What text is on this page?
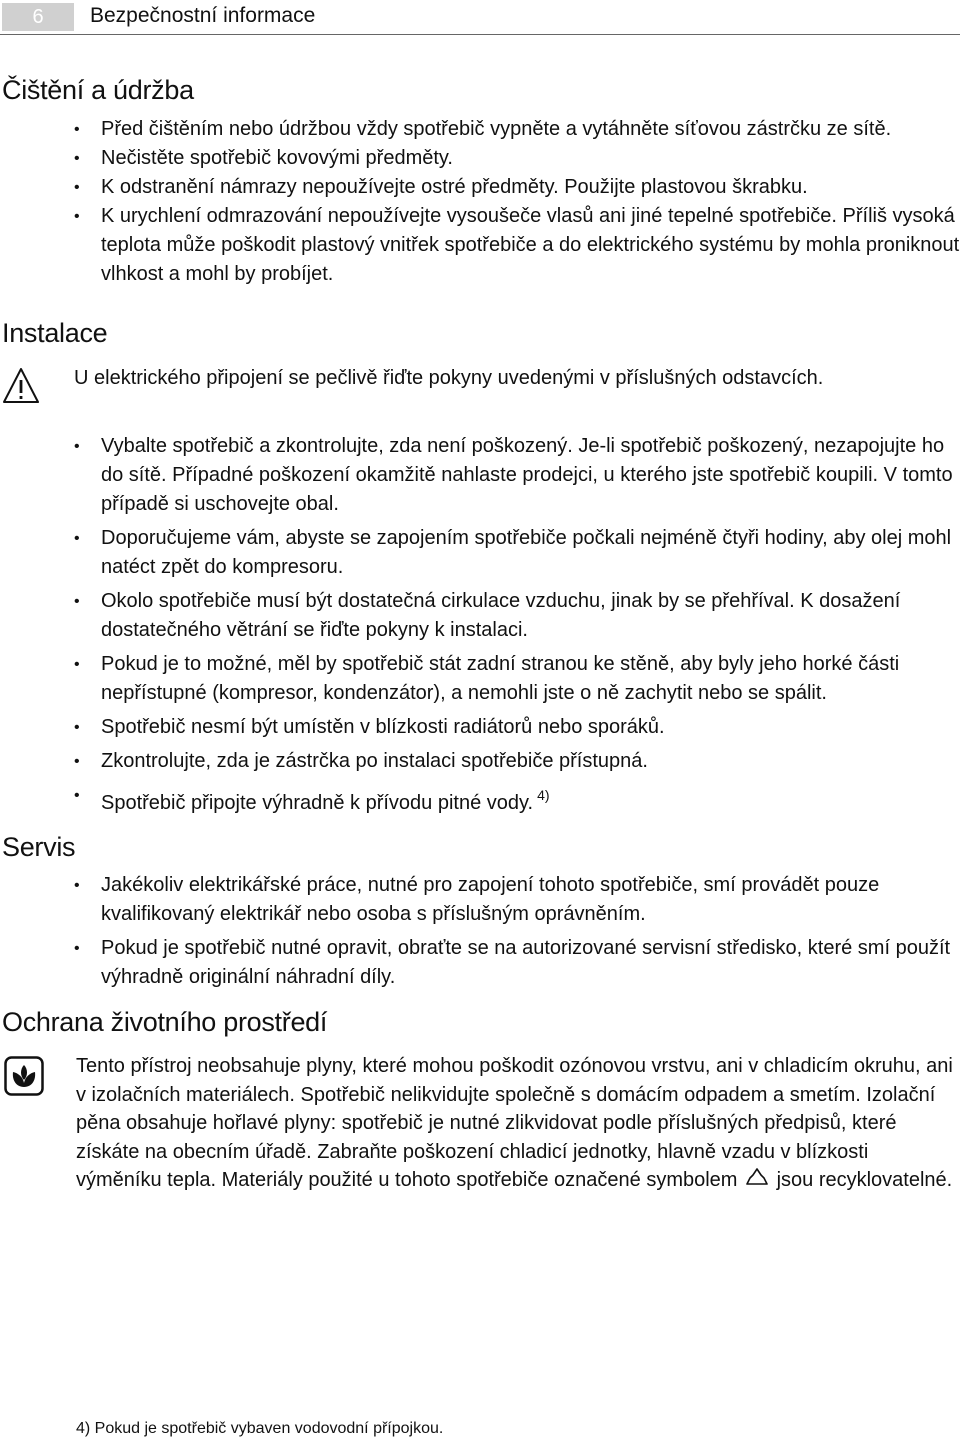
6	Bezpečnostní informace
Čištění a údržba
• Před čištěním nebo údržbou vždy spotřebič vypněte a vytáhněte síťovou zástrčku ze sítě.
• Nečistěte spotřebič kovovými předměty.
• K odstranění námrazy nepoužívejte ostré předměty. Použijte plastovou škrabku.
• K urychlení odmrazování nepoužívejte vysoušeče vlasů ani jiné tepelné spotřebiče. Příliš vysoká teplota může poškodit plastový vnitřek spotřebiče a do elektrického systému by mohla proniknout vlhkost a mohl by probíjet.
Instalace
U elektrického připojení se pečlivě řiďte pokyny uvedenými v příslušných odstavcích.
• Vybalte spotřebič a zkontrolujte, zda není poškozený. Je-li spotřebič poškozený, nezapojujte ho do sítě. Případné poškození okamžitě nahlaste prodejci, u kterého jste spotřebič koupili. V tomto případě si uschovejte obal.
• Doporučujeme vám, abyste se zapojením spotřebiče počkali nejméně čtyři hodiny, aby olej mohl natéct zpět do kompresoru.
• Okolo spotřebiče musí být dostatečná cirkulace vzduchu, jinak by se přehříval. K dosažení dostatečného větrání se řiďte pokyny k instalaci.
• Pokud je to možné, měl by spotřebič stát zadní stranou ke stěně, aby byly jeho horké části nepřístupné (kompresor, kondenzátor), a nemohli jste o ně zachytit nebo se spálit.
• Spotřebič nesmí být umístěn v blízkosti radiátorů nebo sporáků.
• Zkontrolujte, zda je zástrčka po instalaci spotřebiče přístupná.
• Spotřebič připojte výhradně k přívodu pitné vody. $^{4)}$
Servis
• Jakékoliv elektrikářské práce, nutné pro zapojení tohoto spotřebiče, smí provádět pouze kvalifikovaný elektrikář nebo osoba s příslušným oprávněním.
• Pokud je spotřebič nutné opravit, obraťte se na autorizované servisní středisko, které smí použít výhradně originální náhradní díly.
Ochrana životního prostředí
Tento přístroj neobsahuje plyny, které mohou poškodit ozónovou vrstvu, ani v chladicím okruhu, ani v izolačních materiálech. Spotřebič nelikvidujte společně s domácím odpadem a smetím. Izolační pěna obsahuje hořlavé plyny: spotřebič je nutné zlikvidovat podle příslušných předpisů, které získáte na obecním úřadě. Zabraňte poškození chladicí jednotky, hlavně vzadu v blízkosti výměníku tepla. Materiály použité u tohoto spotřebiče označené symbolem  jsou recyklovatelné.
4) Pokud je spotřebič vybaven vodovodní přípojkou.
